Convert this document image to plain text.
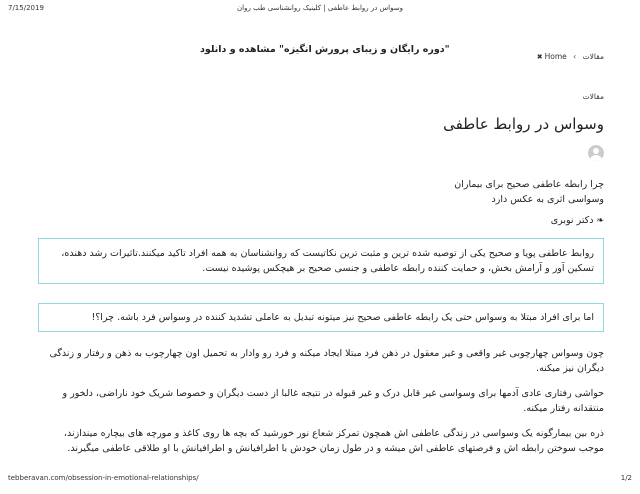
7/15/2019	وسواس در روابط عاطفی | کلینیک روانشناسی طب روان
"دوره رایگان و زیبای پرورش انگیزه" مشاهده و دانلود
مقالات › Home✖
مقالات
وسواس در روابط عاطفی

چرا رابطه عاطفی صحیح برای بیماران

وسواسی اثری به عکس دارد

❧دکتر نوبری
روابط عاطفی پویا و صحیح یکی از توصیه شده ترین و مثبت ترین نکاتیست که روانشناسان به همه افراد تاکید میکنند.تاثیرات رشد دهنده، تسکین آور و آرامش بخش، و حمایت کننده رابطه عاطفی و جنسی صحیح بر هیچکس پوشیده نیست.
اما برای افراد مبتلا به وسواس حتی یک رابطه عاطفی صحیح نیز میتونه تبدیل به عاملی تشدید کننده در وسواس فرد باشه. چرا؟!

چون وسواس چهارچوبی غیر واقعی و غیر معقول در ذهن فرد مبتلا ایجاد میکنه و فرد رو وادار به تحمیل اون چهارچوب به ذهن و رفتار و زندگی دیگران نیز میکنه.

حواشی رفتاری عادی آدمها برای وسواسی غیر قابل درک و غیر قبوله در نتیجه غالبا از دست دیگران و خصوصا شریک خود ناراضی، دلخور و منتقدانه رفتار میکنه.

ذره بین بیمارگونه یک وسواسی در زندگی عاطفی اش همچون تمرکز شعاع نور خورشید که بچه ها روی کاغذ و مورچه های بیچاره میندازند، موجب سوختن رابطه اش و فرصتهای عاطفی اش میشه و در طول زمان خودش با اطرافیانش و اطرافیانش با او طلاقی عاطفی میگیرند.

tebberavan.com/obsession-in-emotional-relationships/	1/2
